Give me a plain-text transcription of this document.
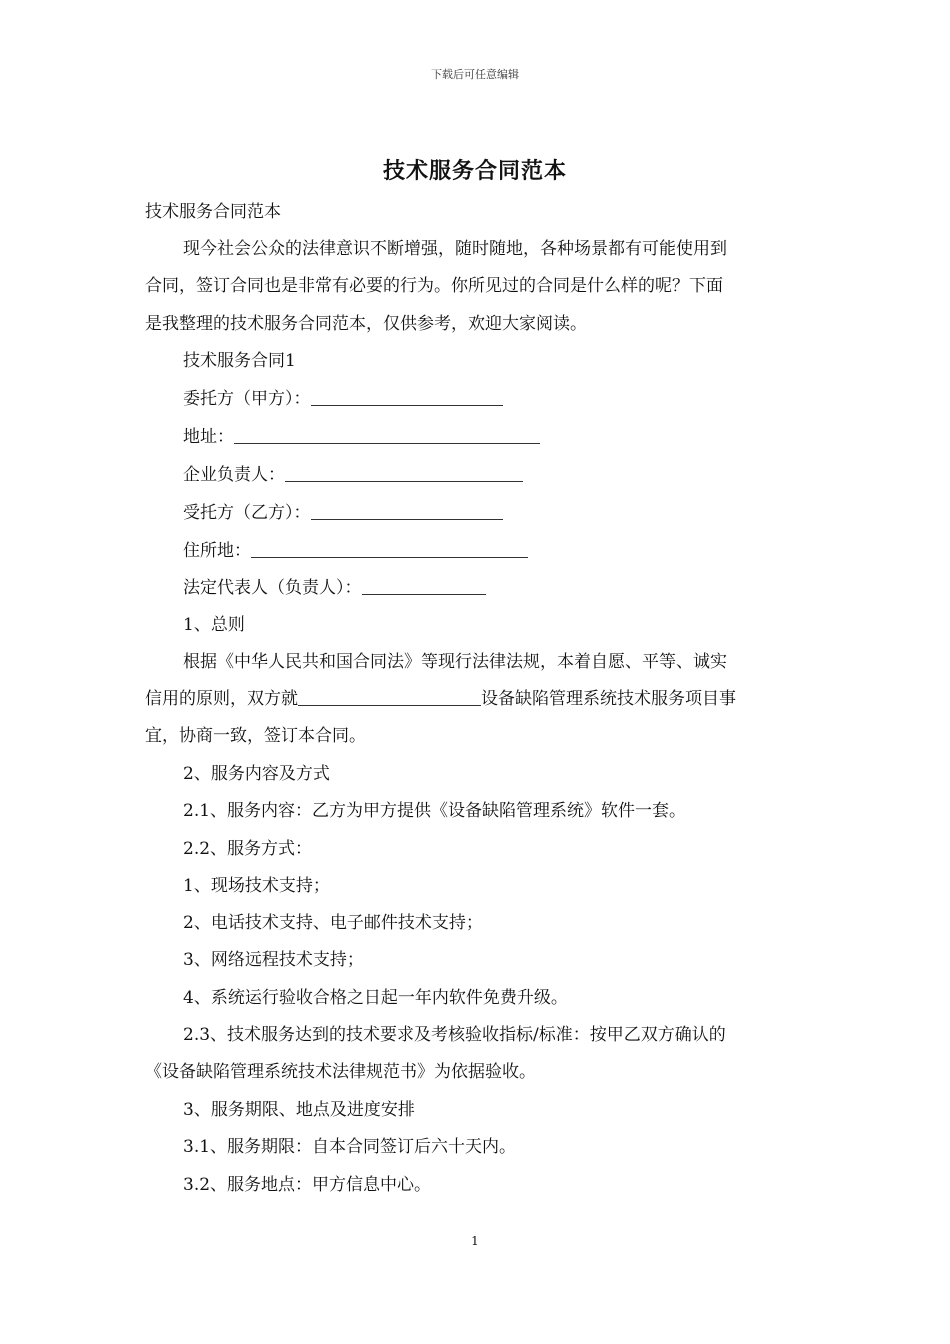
下载后可任意编辑
技术服务合同范本
技术服务合同范本
现今社会公众的法律意识不断增强，随时随地，各种场景都有可能使用到
合同，签订合同也是非常有必要的行为。你所见过的合同是什么样的呢？下面
是我整理的技术服务合同范本，仅供参考，欢迎大家阅读。
技术服务合同1
委托方（甲方）：
地址：
企业负责人：
受托方（乙方）：
住所地：
法定代表人（负责人）：
1、总则
根据《中华人民共和国合同法》等现行法律法规，本着自愿、平等、诚实
信用的原则，双方就	设备缺陷管理系统技术服务项目事
宜，协商一致，签订本合同。
2、服务内容及方式
2.1、服务内容：乙方为甲方提供《设备缺陷管理系统》软件一套。
2.2、服务方式：
1、现场技术支持；
2、电话技术支持、电子邮件技术支持；
3、网络远程技术支持；
4、系统运行验收合格之日起一年内软件免费升级。
2.3、技术服务达到的技术要求及考核验收指标/标准：按甲乙双方确认的
《设备缺陷管理系统技术法律规范书》为依据验收。
3、服务期限、地点及进度安排
3.1、服务期限：自本合同签订后六十天内。
3.2、服务地点：甲方信息中心。
1
